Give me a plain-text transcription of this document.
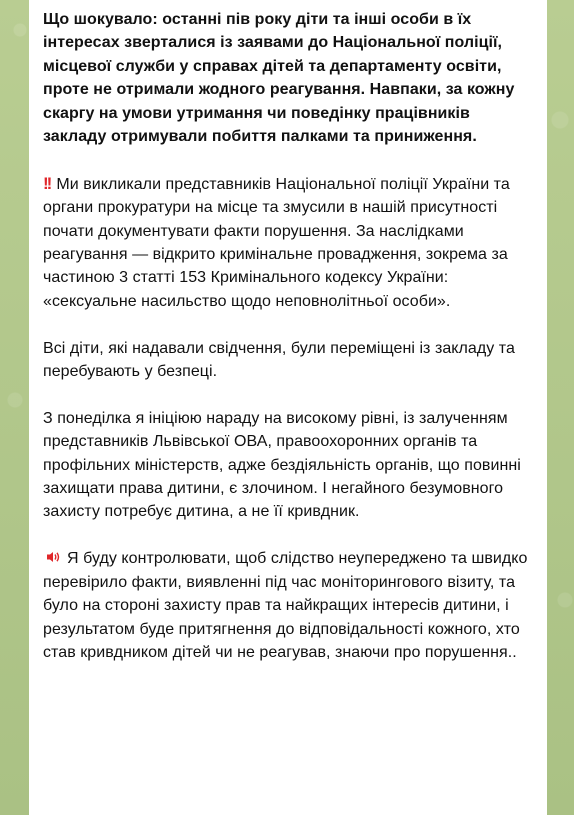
Що шокувало: останні пів року діти та інші особи в їх інтересах зверталися із заявами до Національної поліції, місцевої служби у справах дітей та департаменту освіти, проте не отримали жодного реагування. Навпаки, за кожну скаргу на умови утримання чи поведінку працівників закладу отримували побиття палками та приниження.

!! Ми викликали представників Національної поліції України та органи прокуратури на місце та змусили в нашій присутності почати документувати факти порушення. За наслідками реагування — відкрито кримінальне провадження, зокрема за частиною 3 статті 153 Кримінального кодексу України: «сексуальне насильство щодо неповнолітньої особи».

Всі діти, які надавали свідчення, були переміщені із закладу та перебувають у безпеці.

З понеділка я ініціюю нараду на високому рівні, із залученням представників Львівської ОВА, правоохоронних органів та профільних міністерств, адже бездіяльність органів, що повинні захищати права дитини, є злочином. І негайного безумовного захисту потребує дитина, а не її кривдник.

Я буду контролювати, щоб слідство неупереджено та швидко перевірило факти, виявленні під час моніторингового візиту, та було на стороні захисту прав та найкращих інтересів дитини, і результатом буде притягнення до відповідальності кожного, хто став кривдником дітей чи не реагував, знаючи про порушення..
